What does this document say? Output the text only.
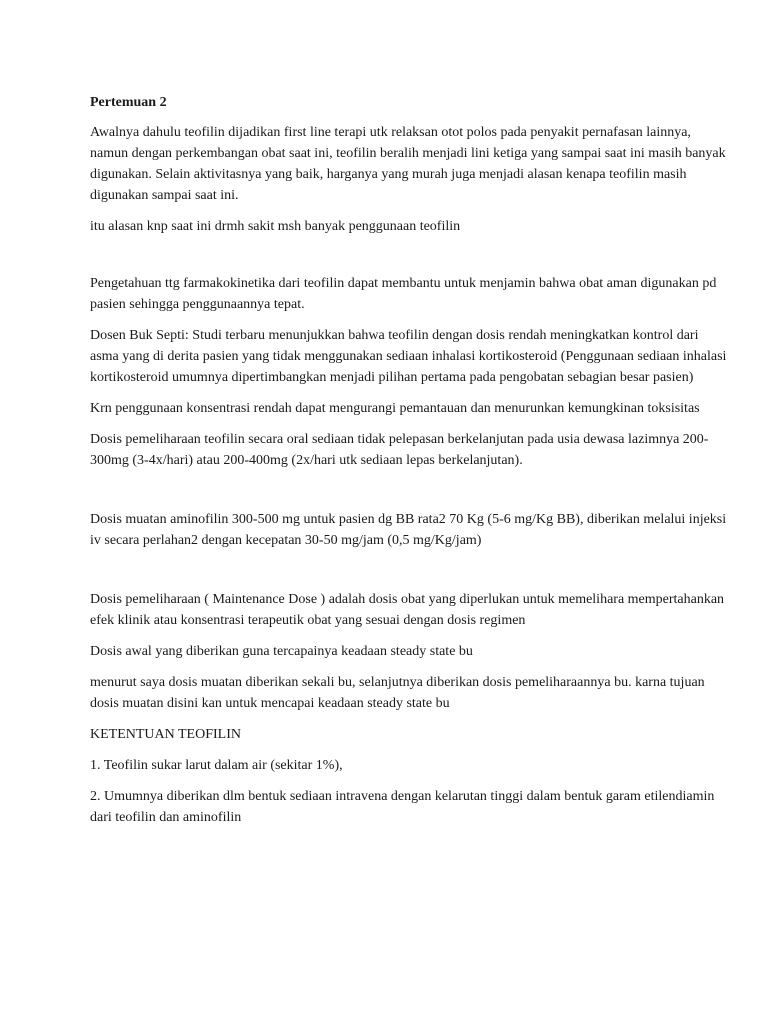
Pertemuan 2

Awalnya dahulu teofilin dijadikan first line terapi utk relaksan otot polos pada penyakit pernafasan lainnya, namun dengan perkembangan obat saat ini, teofilin beralih menjadi lini ketiga yang sampai saat ini masih banyak digunakan. Selain aktivitasnya yang baik, harganya yang murah juga menjadi alasan kenapa teofilin masih digunakan sampai saat ini.

itu alasan knp saat ini drmh sakit msh banyak penggunaan teofilin

Pengetahuan ttg farmakokinetika dari teofilin dapat membantu untuk menjamin bahwa obat aman digunakan pd pasien sehingga penggunaannya tepat.

Dosen Buk Septi: Studi terbaru menunjukkan bahwa teofilin dengan dosis rendah meningkatkan kontrol dari asma yang di derita pasien yang tidak menggunakan sediaan inhalasi kortikosteroid (Penggunaan sediaan inhalasi kortikosteroid umumnya dipertimbangkan menjadi pilihan pertama pada pengobatan sebagian besar pasien)

Krn penggunaan konsentrasi rendah dapat mengurangi pemantauan dan menurunkan kemungkinan toksisitas

Dosis pemeliharaan teofilin secara oral sediaan tidak pelepasan berkelanjutan pada usia dewasa lazimnya 200-300mg (3-4x/hari) atau 200-400mg (2x/hari utk sediaan lepas berkelanjutan).

Dosis muatan aminofilin 300-500 mg untuk pasien dg BB rata2 70 Kg (5-6 mg/Kg BB), diberikan melalui injeksi iv secara perlahan2 dengan kecepatan 30-50 mg/jam (0,5 mg/Kg/jam)

Dosis pemeliharaan ( Maintenance Dose ) adalah dosis obat yang diperlukan untuk memelihara mempertahankan efek klinik atau konsentrasi terapeutik obat yang sesuai dengan dosis regimen

Dosis awal yang diberikan guna tercapainya keadaan steady state bu

menurut saya dosis muatan diberikan sekali bu, selanjutnya diberikan dosis pemeliharaannya bu. karna tujuan dosis muatan disini kan untuk mencapai keadaan steady state bu

KETENTUAN TEOFILIN

1. Teofilin sukar larut dalam air (sekitar 1%),

2. Umumnya diberikan dlm bentuk sediaan intravena dengan kelarutan tinggi dalam bentuk garam etilendiamin dari teofilin dan aminofilin
